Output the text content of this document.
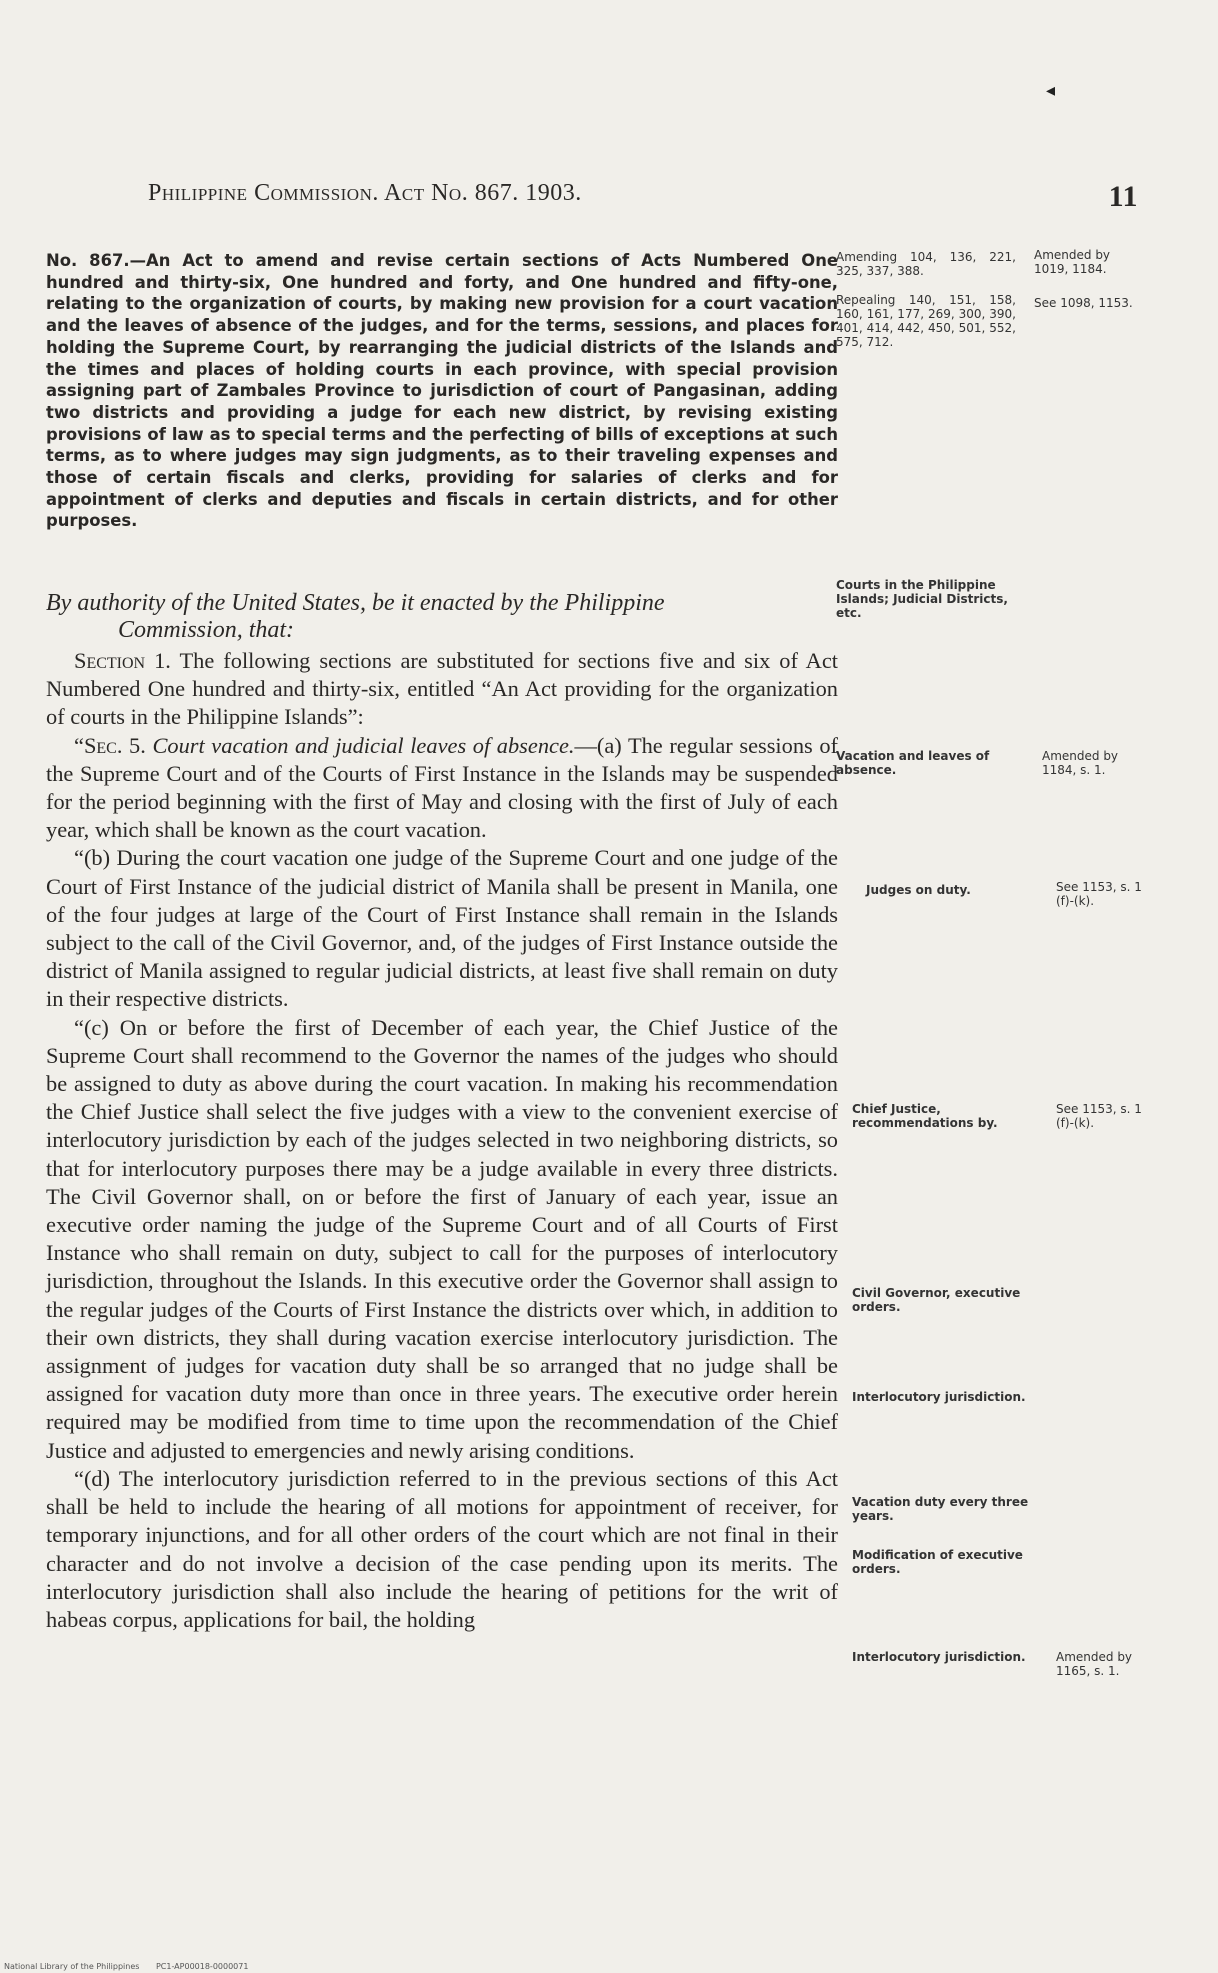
◂
Philippine Commission. Act No. 867. 1903.	11
No. 867.—An Act to amend and revise certain sections of Acts Numbered One hundred and thirty-six, One hundred and forty, and One hundred and fifty-one, relating to the organization of courts, by making new provision for a court vacation and the leaves of absence of the judges, and for the terms, sessions, and places for holding the Supreme Court, by rearranging the judicial districts of the Islands and the times and places of holding courts in each province, with special provision assigning part of Zambales Province to jurisdiction of court of Pangasinan, adding two districts and providing a judge for each new district, by revising existing provisions of law as to special terms and the perfecting of bills of exceptions at such terms, as to where judges may sign judgments, as to their traveling expenses and those of certain fiscals and clerks, providing for salaries of clerks and for appointment of clerks and deputies and fiscals in certain districts, and for other purposes.
By authority of the United States, be it enacted by the Philippine
Commission, that:

Section 1. The following sections are substituted for sections five and six of Act Numbered One hundred and thirty-six, entitled “An Act providing for the organization of courts in the Philippine Islands”:

“Sec. 5. Court vacation and judicial leaves of absence.—(a) The regular sessions of the Supreme Court and of the Courts of First Instance in the Islands may be suspended for the period beginning with the first of May and closing with the first of July of each year, which shall be known as the court vacation.

“(b) During the court vacation one judge of the Supreme Court and one judge of the Court of First Instance of the judicial district of Manila shall be present in Manila, one of the four judges at large of the Court of First Instance shall remain in the Islands subject to the call of the Civil Governor, and, of the judges of First Instance outside the district of Manila assigned to regular judicial districts, at least five shall remain on duty in their respective districts.

“(c) On or before the first of December of each year, the Chief Justice of the Supreme Court shall recommend to the Governor the names of the judges who should be assigned to duty as above during the court vacation. In making his recommendation the Chief Justice shall select the five judges with a view to the convenient exercise of interlocutory jurisdiction by each of the judges selected in two neighboring districts, so that for interlocutory purposes there may be a judge available in every three districts. The Civil Governor shall, on or before the first of January of each year, issue an executive order naming the judge of the Supreme Court and of all Courts of First Instance who shall remain on duty, subject to call for the purposes of interlocutory jurisdiction, throughout the Islands. In this executive order the Governor shall assign to the regular judges of the Courts of First Instance the districts over which, in addition to their own districts, they shall during vacation exercise interlocutory jurisdiction. The assignment of judges for vacation duty shall be so arranged that no judge shall be assigned for vacation duty more than once in three years. The executive order herein required may be modified from time to time upon the recommendation of the Chief Justice and adjusted to emergencies and newly arising conditions.

“(d) The interlocutory jurisdiction referred to in the previous sections of this Act shall be held to include the hearing of all motions for appointment of receiver, for temporary injunctions, and for all other orders of the court which are not final in their character and do not involve a decision of the case pending upon its merits. The interlocutory jurisdiction shall also include the hearing of petitions for the writ of habeas corpus, applications for bail, the holding

Amending 104, 136, 221, 325, 337, 388.
Repealing 140, 151, 158, 160, 161, 177, 269, 300, 390, 401, 414, 442, 450, 501, 552, 575, 712.
Amended by 1019, 1184.
See 1098, 1153.
Courts in the Philippine Islands; Judicial Districts, etc.
Vacation and leaves of absence.
Amended by 1184, s. 1.
Judges on duty.	See 1153, s. 1 (f)-(k).
Chief Justice, recommendations by.
See 1153, s. 1 (f)-(k).
Civil Governor, executive orders.
Interlocutory jurisdiction.
Vacation duty every three years.
Modification of executive orders.
Interlocutory jurisdiction.	Amended by 1165, s. 1.
National Library of the Philippines PC1-AP00018-0000071
